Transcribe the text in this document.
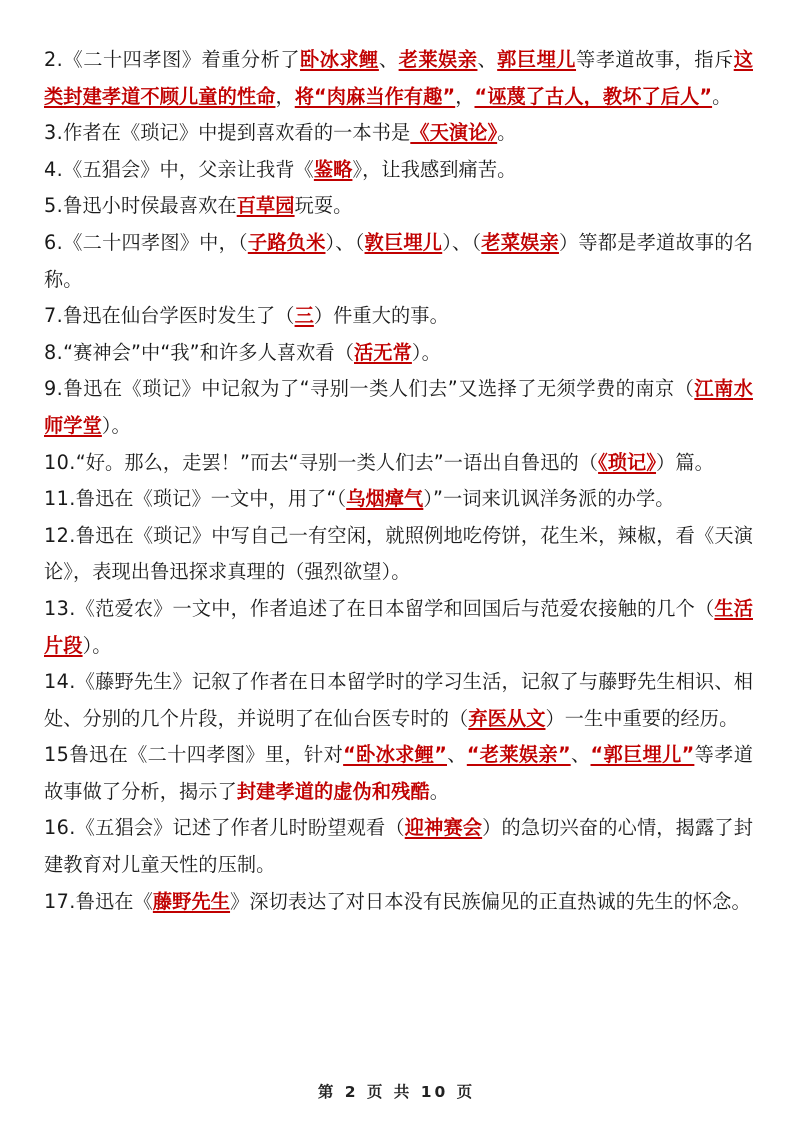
2.《二十四孝图》着重分析了卧冰求鲤、老莱娱亲、郭巨埋儿等孝道故事，指斥这类封建孝道不顾儿童的性命，将“肉麻当作有趣”，“诬蔑了古人，教坏了后人”。

3.作者在《琐记》中提到喜欢看的一本书是《天演论》。

4.《五猖会》中，父亲让我背《鉴略》，让我感到痛苦。

5.鲁迅小时侯最喜欢在百草园玩耍。

6.《二十四孝图》中，（子路负米）、（敦巨埋儿）、（老菜娱亲）等都是孝道故事的名称。

7.鲁迅在仙台学医时发生了（三）件重大的事。

8.“赛神会”中“我”和许多人喜欢看（活无常）。

9.鲁迅在《琐记》中记叙为了“寻别一类人们去”又选择了无须学费的南京（江南水师学堂）。

10.“好。那么，走罢！”而去“寻别一类人们去”一语出自鲁迅的（《琐记》）篇。

11.鲁迅在《琐记》一文中，用了“（乌烟瘴气）”一词来讥讽洋务派的办学。

12.鲁迅在《琐记》中写自己一有空闲，就照例地吃侉饼，花生米，辣椒，看《天演论》，表现出鲁迅探求真理的（强烈欲望）。

13.《范爱农》一文中，作者追述了在日本留学和回国后与范爱农接触的几个（生活片段）。

14.《藤野先生》记叙了作者在日本留学时的学习生活，记叙了与藤野先生相识、相处、分别的几个片段，并说明了在仙台医专时的（弃医从文）一生中重要的经历。

15鲁迅在《二十四孝图》里，针对“卧冰求鲤”、“老莱娱亲”、“郭巨埋儿”等孝道故事做了分析，揭示了封建孝道的虚伪和残酷。

16.《五猖会》记述了作者儿时盼望观看（迎神赛会）的急切兴奋的心情，揭露了封建教育对儿童天性的压制。

17.鲁迅在《藤野先生》深切表达了对日本没有民族偏见的正直热诚的先生的怀念。

第 2 页 共 10 页
